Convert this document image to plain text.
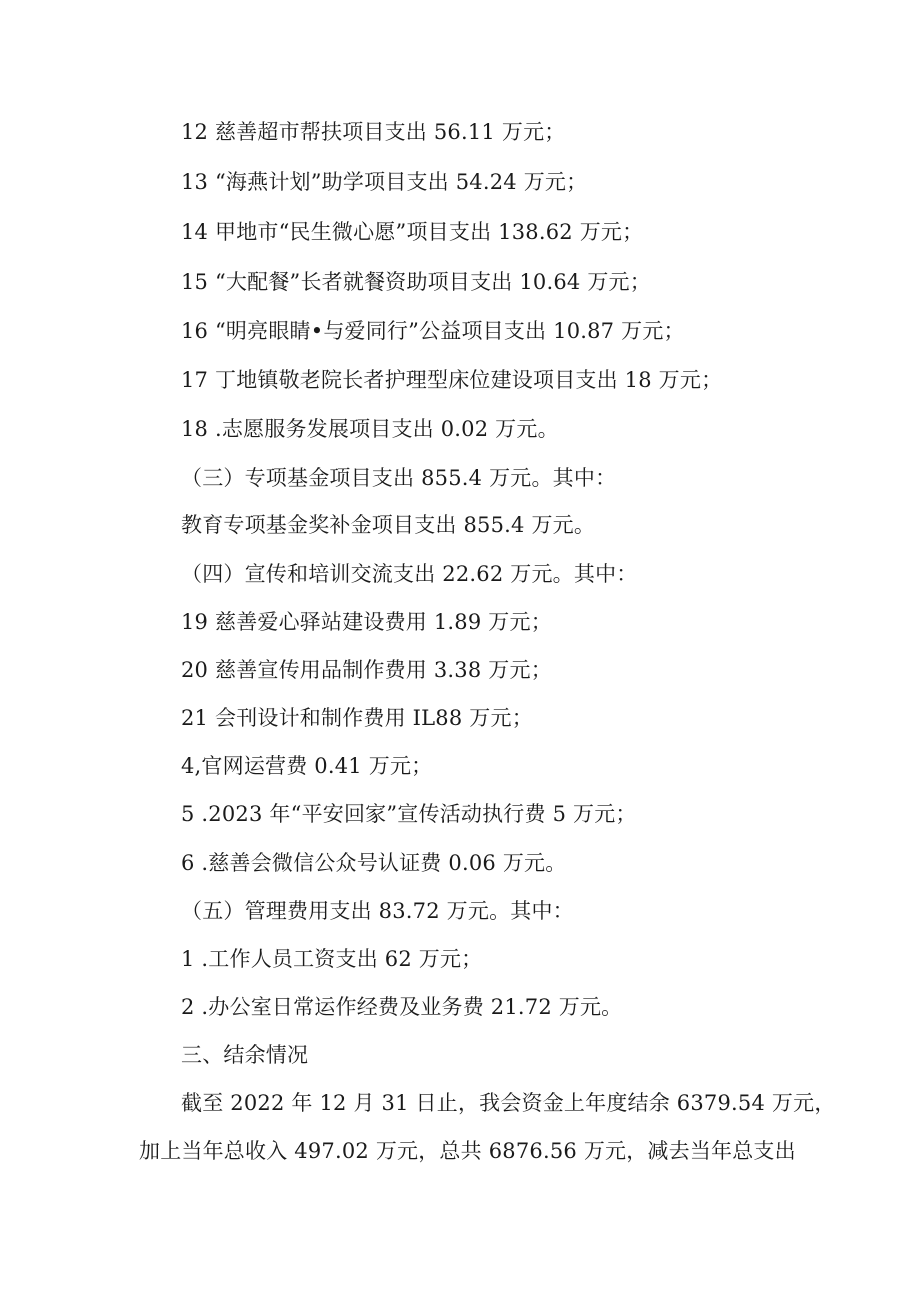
12 慈善超市帮扶项目支出 56.11 万元；
13 “海燕计划”助学项目支出 54.24 万元；
14 甲地市“民生微心愿”项目支出 138.62 万元；
15 “大配餐”长者就餐资助项目支出 10.64 万元；
16 “明亮眼睛•与爱同行”公益项目支出 10.87 万元；
17 丁地镇敬老院长者护理型床位建设项目支出 18 万元；
18 .志愿服务发展项目支出 0.02 万元。
（三）专项基金项目支出 855.4 万元。其中：
教育专项基金奖补金项目支出 855.4 万元。
（四）宣传和培训交流支出 22.62 万元。其中：
19 慈善爱心驿站建设费用 1.89 万元；
20 慈善宣传用品制作费用 3.38 万元；
21 会刊设计和制作费用 IL88 万元；
4,官网运营费 0.41 万元；
5 .2023 年“平安回家”宣传活动执行费 5 万元；
6 .慈善会微信公众号认证费 0.06 万元。
（五）管理费用支出 83.72 万元。其中：
1 .工作人员工资支出 62 万元；
2 .办公室日常运作经费及业务费 21.72 万元。
三、结余情况
截至 2022 年 12 月 31 日止，我会资金上年度结余 6379.54 万元，
加上当年总收入 497.02 万元，总共 6876.56 万元，减去当年总支出
